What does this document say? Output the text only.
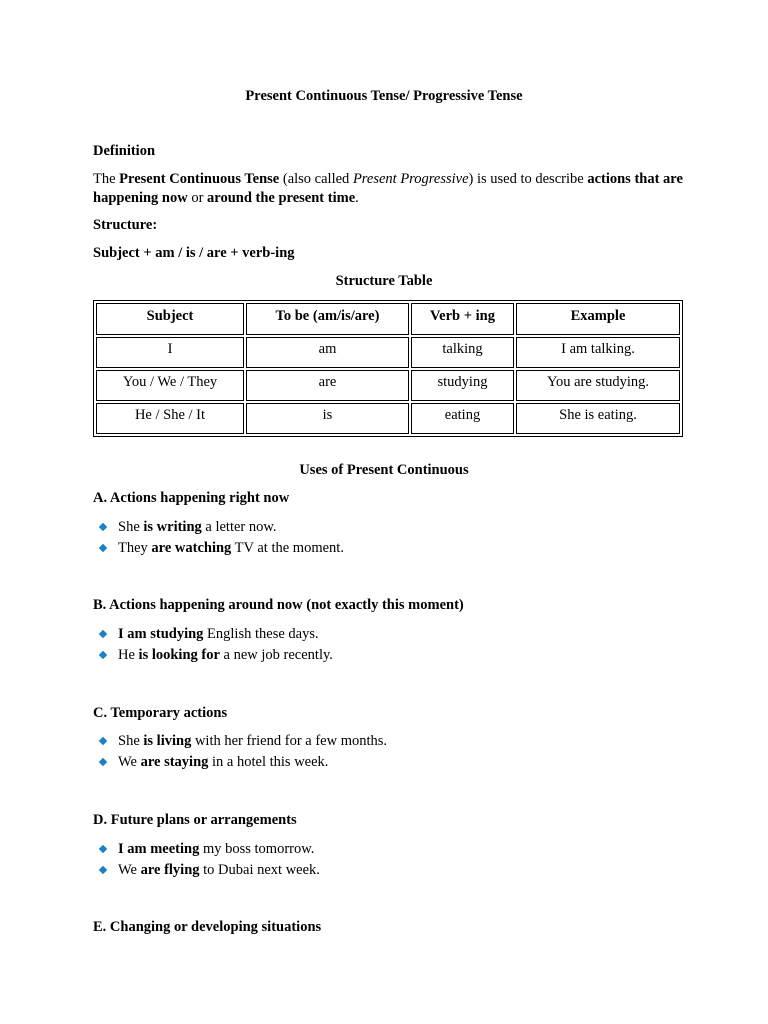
Present Continuous Tense/ Progressive Tense
Definition
The Present Continuous Tense (also called Present Progressive) is used to describe actions that are happening now or around the present time.
Structure:
Subject + am / is / are + verb-ing
Structure Table
Subject	To be (am/is/are)	Verb + ing	Example
I	am	talking	I am talking.
You / We / They	are	studying	You are studying.
He / She / It	is	eating	She is eating.
Uses of Present Continuous
A. Actions happening right now
She is writing a letter now.
They are watching TV at the moment.
B. Actions happening around now (not exactly this moment)
I am studying English these days.
He is looking for a new job recently.
C. Temporary actions
She is living with her friend for a few months.
We are staying in a hotel this week.
D. Future plans or arrangements
I am meeting my boss tomorrow.
We are flying to Dubai next week.
E. Changing or developing situations
